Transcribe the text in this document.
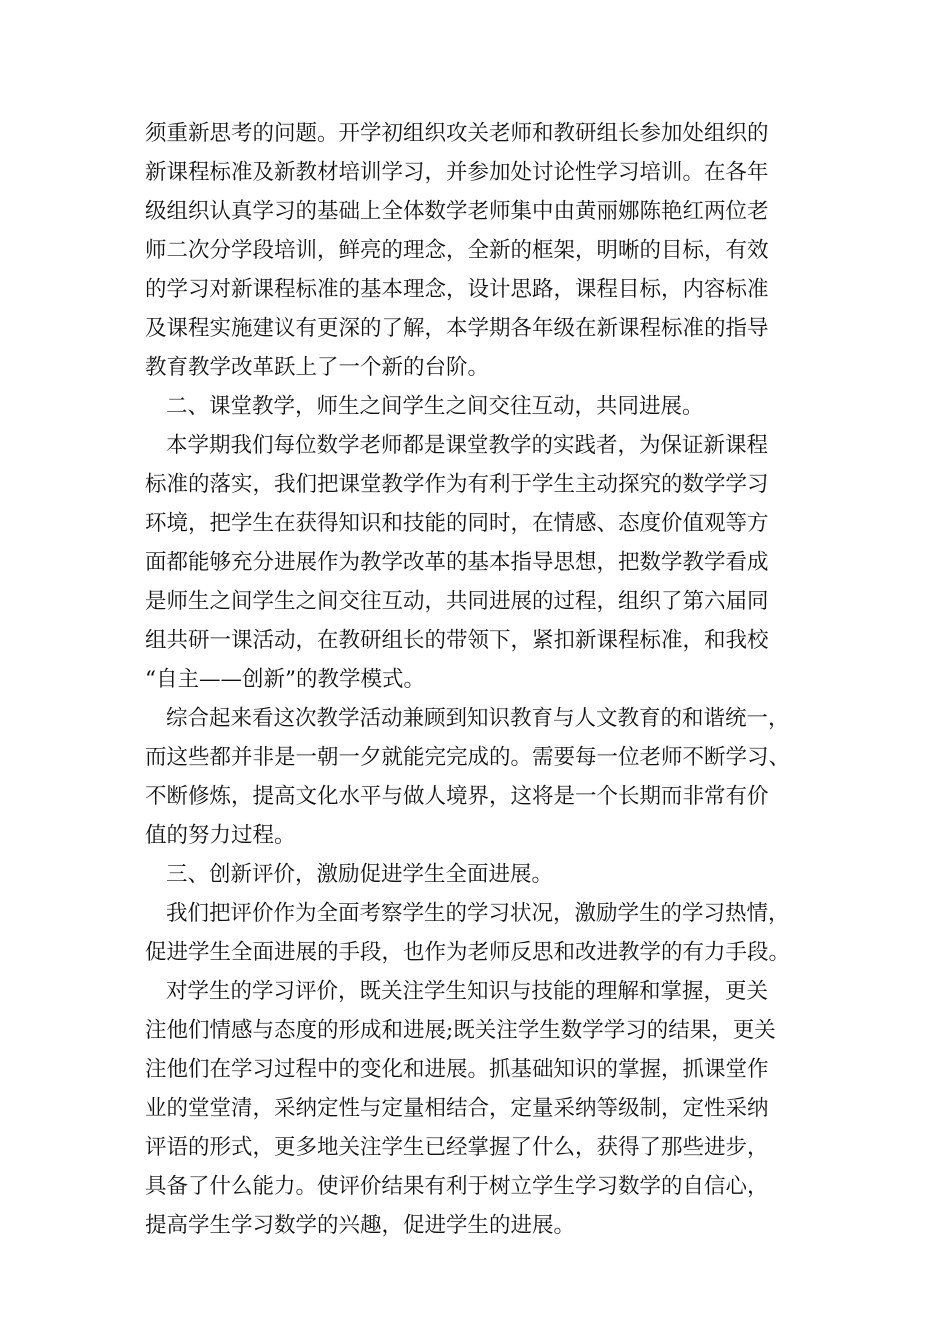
须重新思考的问题。开学初组织攻关老师和教研组长参加处组织的

新课程标准及新教材培训学习，并参加处讨论性学习培训。在各年

级组织认真学习的基础上全体数学老师集中由黄丽娜陈艳红两位老

师二次分学段培训，鲜亮的理念，全新的框架，明晰的目标，有效

的学习对新课程标准的基本理念，设计思路，课程目标，内容标准

及课程实施建议有更深的了解，本学期各年级在新课程标准的指导

教育教学改革跃上了一个新的台阶。

二、课堂教学，师生之间学生之间交往互动，共同进展。

本学期我们每位数学老师都是课堂教学的实践者，为保证新课程

标准的落实，我们把课堂教学作为有利于学生主动探究的数学学习

环境，把学生在获得知识和技能的同时，在情感、态度价值观等方

面都能够充分进展作为教学改革的基本指导思想，把数学教学看成

是师生之间学生之间交往互动，共同进展的过程，组织了第六届同

组共研一课活动，在教研组长的带领下，紧扣新课程标准，和我校

“自主——创新”的教学模式。

综合起来看这次教学活动兼顾到知识教育与人文教育的和谐统一，

而这些都并非是一朝一夕就能完完成的。需要每一位老师不断学习、

不断修炼，提高文化水平与做人境界，这将是一个长期而非常有价

值的努力过程。

三、创新评价，激励促进学生全面进展。

我们把评价作为全面考察学生的学习状况，激励学生的学习热情，

促进学生全面进展的手段，也作为老师反思和改进教学的有力手段。

对学生的学习评价，既关注学生知识与技能的理解和掌握，更关

注他们情感与态度的形成和进展;既关注学生数学学习的结果，更关

注他们在学习过程中的变化和进展。抓基础知识的掌握，抓课堂作

业的堂堂清，采纳定性与定量相结合，定量采纳等级制，定性采纳

评语的形式，更多地关注学生已经掌握了什么，获得了那些进步，

具备了什么能力。使评价结果有利于树立学生学习数学的自信心，

提高学生学习数学的兴趣，促进学生的进展。
